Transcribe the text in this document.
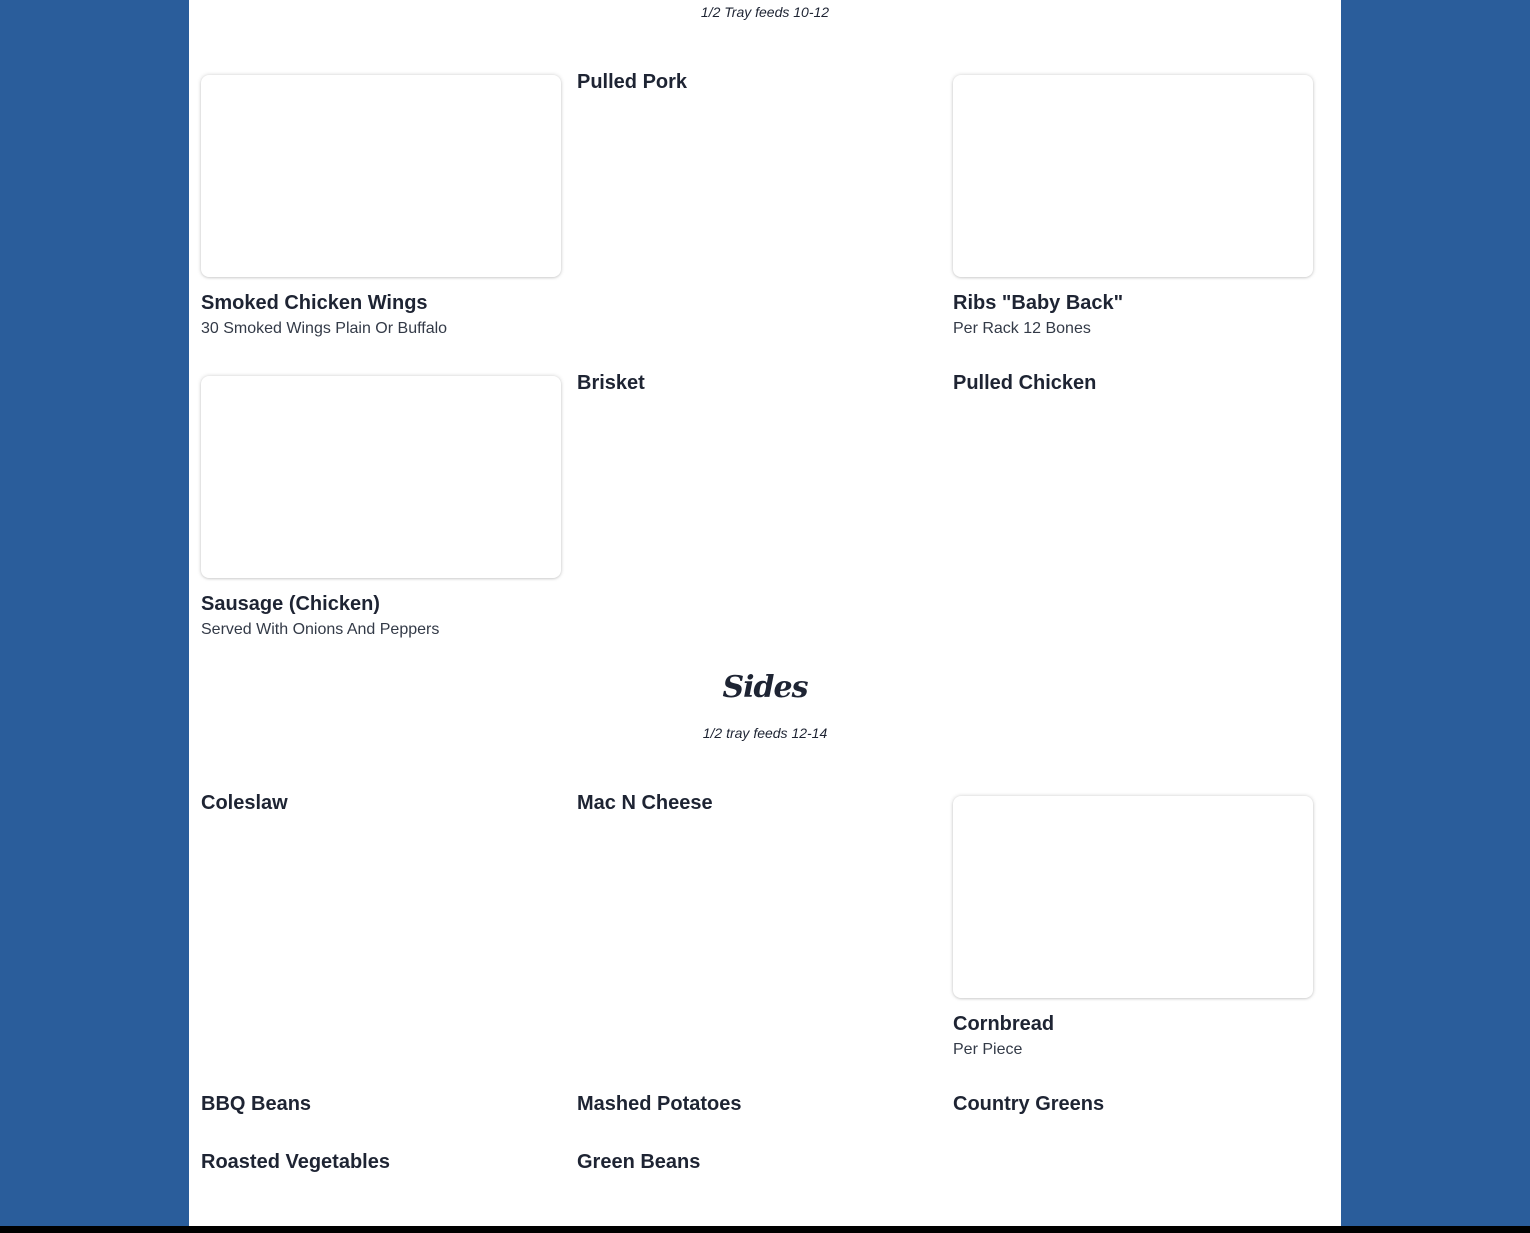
1/2 Tray feeds 10-12
Smoked Chicken Wings
30 Smoked Wings Plain Or Buffalo
Pulled Pork
Ribs "Baby Back"
Per Rack 12 Bones
Sausage (Chicken)
Served With Onions And Peppers
Brisket	Pulled Chicken
Sides
1/2 tray feeds 12-14
Coleslaw	Mac N Cheese
Cornbread
Per Piece
BBQ Beans	Mashed Potatoes	Country Greens
Roasted Vegetables	Green Beans
